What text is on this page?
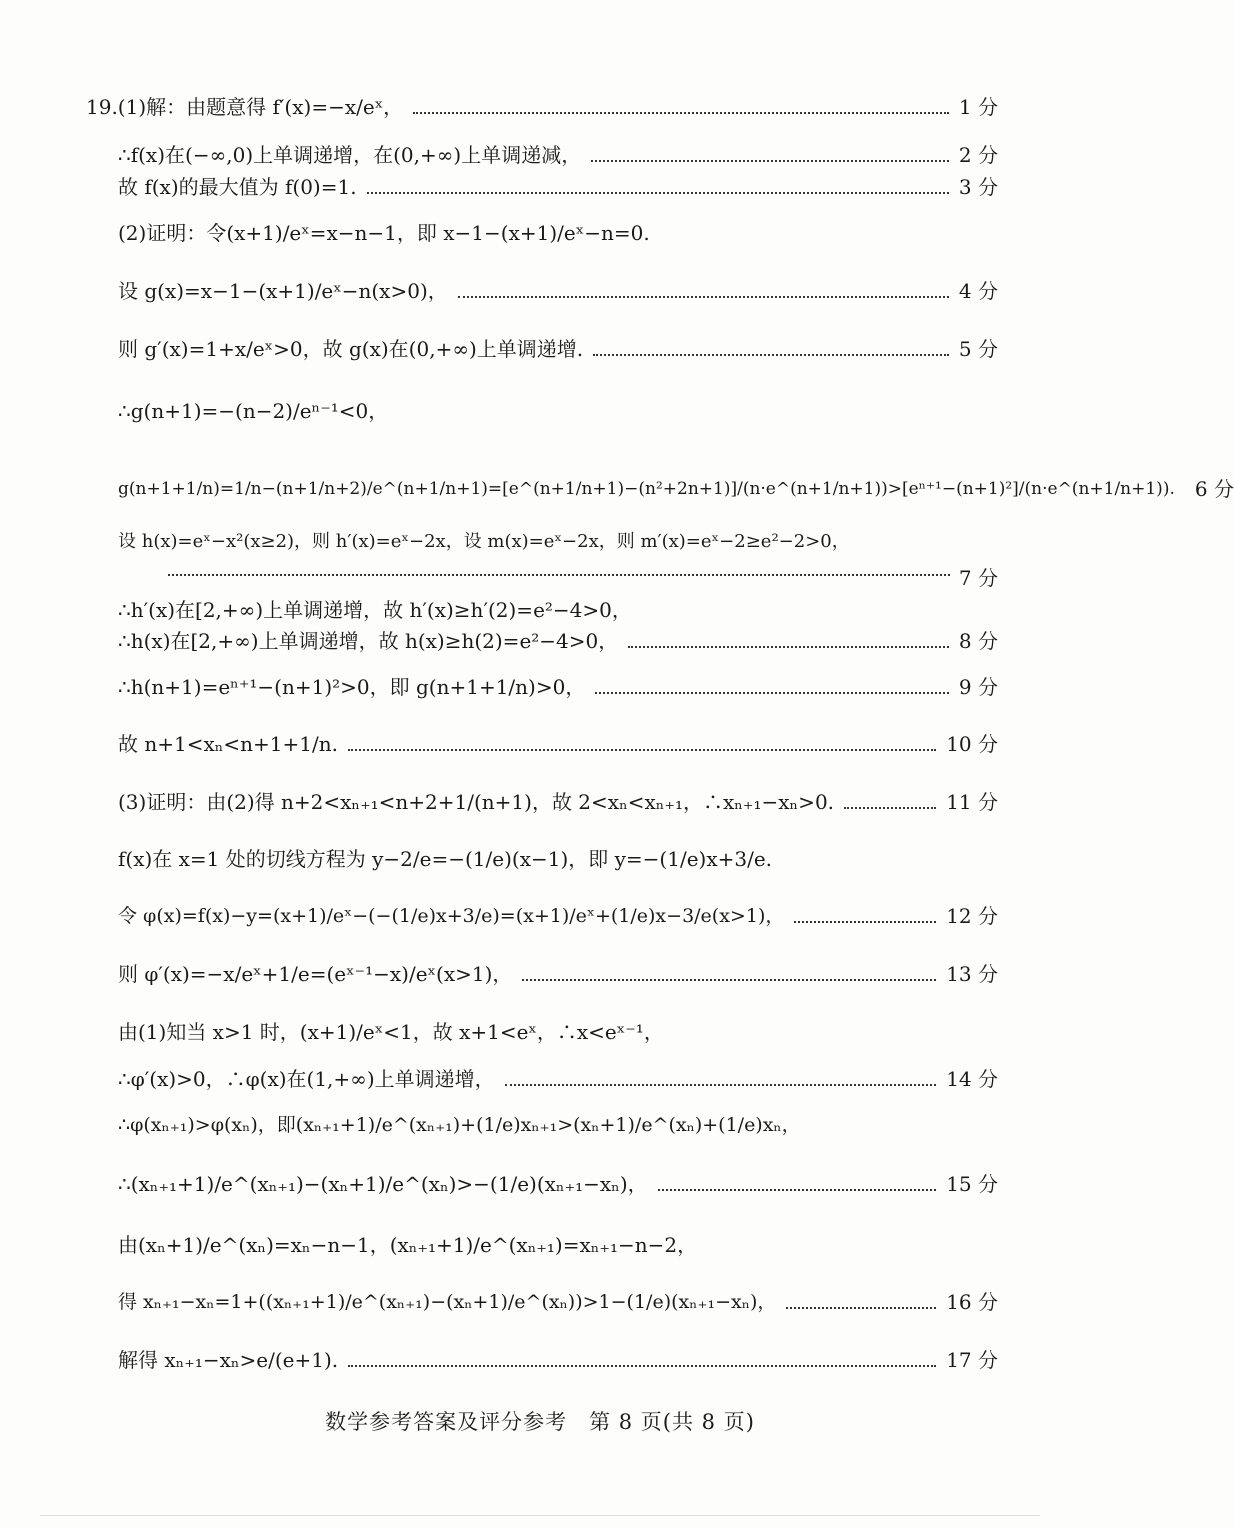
19.(1)解：由题意得 f′(x)=−x/eˣ，	1 分
∴f(x)在(−∞,0)上单调递增，在(0,+∞)上单调递减，	2 分
故 f(x)的最大值为 f(0)=1.	3 分
(2)证明：令(x+1)/eˣ=x−n−1，即 x−1−(x+1)/eˣ−n=0.
设 g(x)=x−1−(x+1)/eˣ−n(x>0)，	4 分
则 g′(x)=1+x/eˣ>0，故 g(x)在(0,+∞)上单调递增.	5 分
∴g(n+1)=−(n−2)/eⁿ⁻¹<0，
g(n+1+1/n)=1/n−(n+1/n+2)/e^(n+1/n+1)=[e^(n+1/n+1)−(n²+2n+1)]/(n·e^(n+1/n+1))>[eⁿ⁺¹−(n+1)²]/(n·e^(n+1/n+1)). 6 分
设 h(x)=eˣ−x²(x≥2)，则 h′(x)=eˣ−2x，设 m(x)=eˣ−2x，则 m′(x)=eˣ−2≥e²−2>0，
7 分
∴h′(x)在[2,+∞)上单调递增，故 h′(x)≥h′(2)=e²−4>0，
∴h(x)在[2,+∞)上单调递增，故 h(x)≥h(2)=e²−4>0，	8 分
∴h(n+1)=eⁿ⁺¹−(n+1)²>0，即 g(n+1+1/n)>0，	9 分
故 n+1<xₙ<n+1+1/n.	10 分
(3)证明：由(2)得 n+2<xₙ₊₁<n+2+1/(n+1)，故 2<xₙ<xₙ₊₁，∴xₙ₊₁−xₙ>0.	11 分
f(x)在 x=1 处的切线方程为 y−2/e=−(1/e)(x−1)，即 y=−(1/e)x+3/e.
令 φ(x)=f(x)−y=(x+1)/eˣ−(−(1/e)x+3/e)=(x+1)/eˣ+(1/e)x−3/e(x>1)，	12 分
则 φ′(x)=−x/eˣ+1/e=(eˣ⁻¹−x)/eˣ(x>1)，	13 分
由(1)知当 x>1 时，(x+1)/eˣ<1，故 x+1<eˣ，∴x<eˣ⁻¹，
∴φ′(x)>0，∴φ(x)在(1,+∞)上单调递增，	14 分
∴φ(xₙ₊₁)>φ(xₙ)，即(xₙ₊₁+1)/e^(xₙ₊₁)+(1/e)xₙ₊₁>(xₙ+1)/e^(xₙ)+(1/e)xₙ，
∴(xₙ₊₁+1)/e^(xₙ₊₁)−(xₙ+1)/e^(xₙ)>−(1/e)(xₙ₊₁−xₙ)，	15 分
由(xₙ+1)/e^(xₙ)=xₙ−n−1，(xₙ₊₁+1)/e^(xₙ₊₁)=xₙ₊₁−n−2，
得 xₙ₊₁−xₙ=1+((xₙ₊₁+1)/e^(xₙ₊₁)−(xₙ+1)/e^(xₙ))>1−(1/e)(xₙ₊₁−xₙ)，	16 分
解得 xₙ₊₁−xₙ>e/(e+1).	17 分
数学参考答案及评分参考　第 8 页(共 8 页)
